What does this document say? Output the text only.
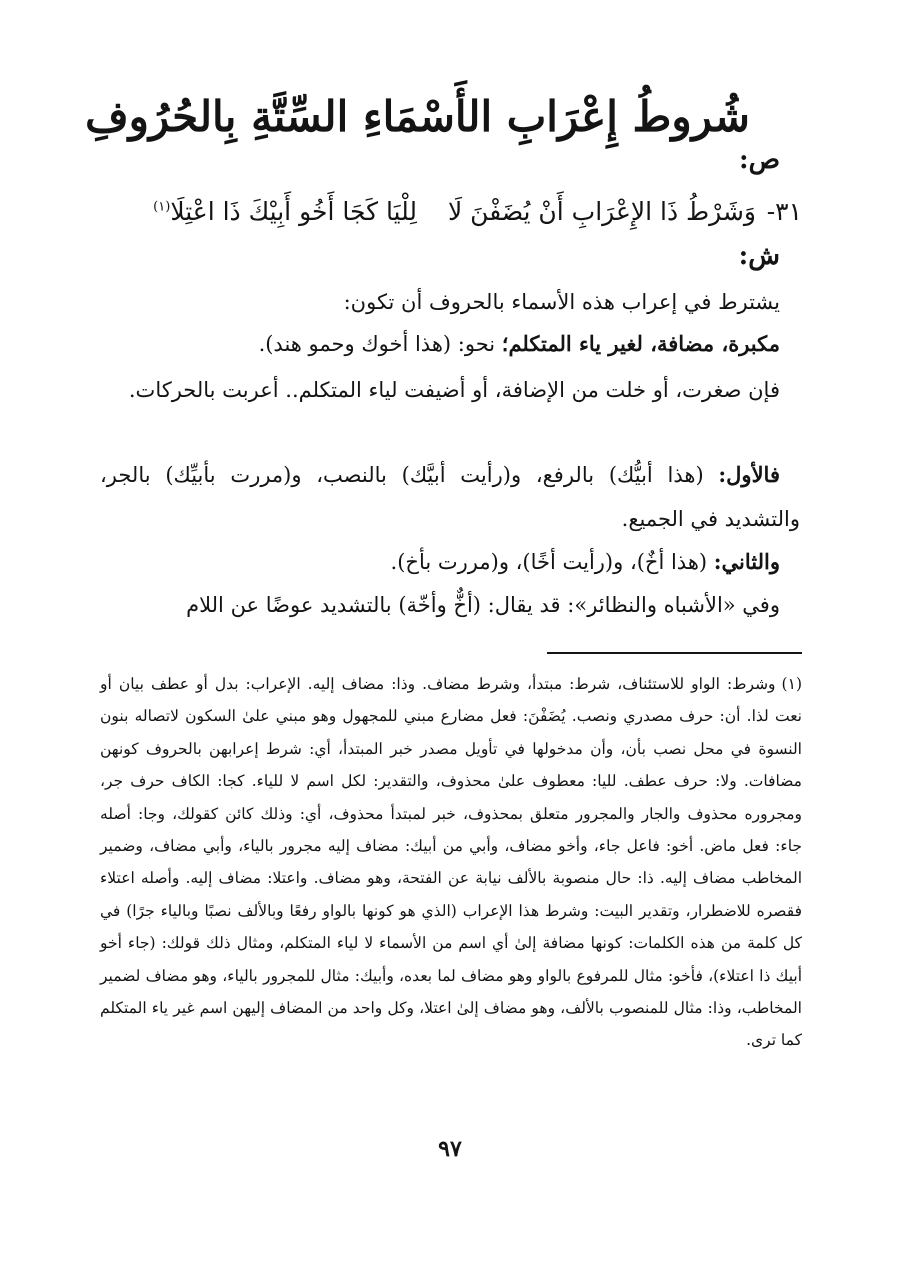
شُروطُ إِعْرَابِ الأَسْمَاءِ السِّتَّةِ بِالحُرُوفِ
ص:
٣١-
وَشَرْطُ ذَا الإِعْرَابِ أَنْ يُضَفْنَ لَا
لِلْيَا كَجَا أَخُو أَبِيْكَ ذَا اعْتِلَا$^{(١)}$
ش:
يشترط في إعراب هذه الأسماء بالحروف أن تكون:
مكبرة، مضافة، لغير ياء المتكلم؛ نحو: (هذا أخوك وحمو هند).
فإن صغرت، أو خلت من الإضافة، أو أضيفت لياء المتكلم.. أعربت بالحركات.
فالأول: (هذا أبيُّك) بالرفع، و(رأيت أبيَّك) بالنصب، و(مررت بأبيِّك) بالجر، والتشديد في الجميع.
والثاني: (هذا أخٌ)، و(رأيت أخًا)، و(مررت بأخ).
وفي «الأشباه والنظائر»: قد يقال: (أخٌّ وأخّة) بالتشديد عوضًا عن اللام
(١)وشرط: الواو للاستئناف، شرط: مبتدأ، وشرط مضاف. وذا: مضاف إليه. الإعراب: بدل أو عطف بيان أو نعت لذا. أن: حرف مصدري ونصب. يُضَفْنَ: فعل مضارع مبني للمجهول وهو مبني علىٰ السكون لاتصاله بنون النسوة في محل نصب بأن، وأن مدخولها في تأويل مصدر خبر المبتدأ، أي: شرط إعرابهن بالحروف كونهن مضافات. ولا: حرف عطف. لليا: معطوف علىٰ محذوف، والتقدير: لكل اسم لا للياء. كجا: الكاف حرف جر، ومجروره محذوف والجار والمجرور متعلق بمحذوف، خبر لمبتدأ محذوف، أي: وذلك كائن كقولك، وجا: أصله جاء: فعل ماض. أخو: فاعل جاء، وأخو مضاف، وأبي من أبيك: مضاف إليه مجرور بالياء، وأبي مضاف، وضمير المخاطب مضاف إليه. ذا: حال منصوبة بالألف نيابة عن الفتحة، وهو مضاف. واعتلا: مضاف إليه. وأصله اعتلاء فقصره للاضطرار، وتقدير البيت: وشرط هذا الإعراب (الذي هو كونها بالواو رفعًا وبالألف نصبًا وبالياء جرًا) في كل كلمة من هذه الكلمات: كونها مضافة إلىٰ أي اسم من الأسماء لا لياء المتكلم، ومثال ذلك قولك: (جاء أخو أبيك ذا اعتلاء)، فأخو: مثال للمرفوع بالواو وهو مضاف لما بعده، وأبيك: مثال للمجرور بالياء، وهو مضاف لضمير المخاطب، وذا: مثال للمنصوب بالألف، وهو مضاف إلىٰ اعتلا، وكل واحد من المضاف إليهن اسم غير ياء المتكلم كما ترى.
٩٧
